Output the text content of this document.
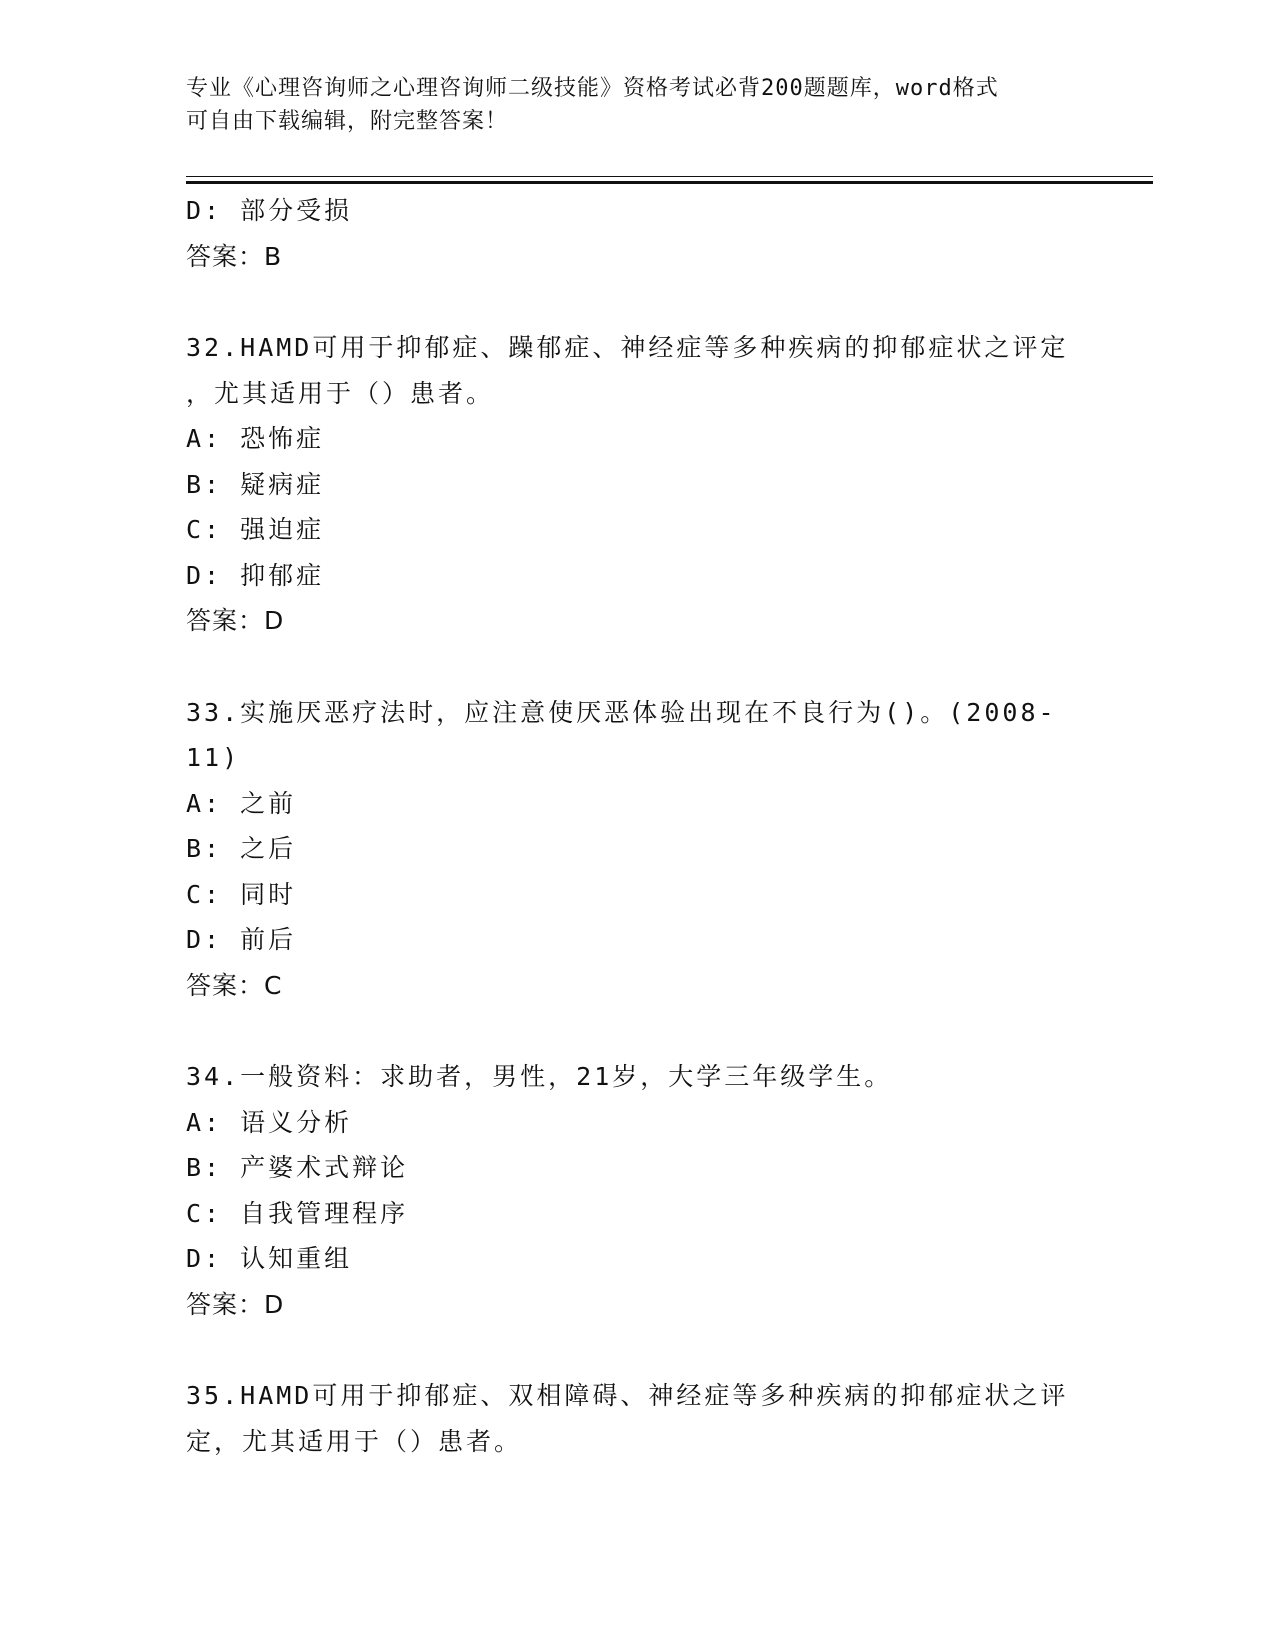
专业《心理咨询师之心理咨询师二级技能》资格考试必背200题题库，word格式
可自由下载编辑，附完整答案！
D: 部分受损
答案：B
32.HAMD可用于抑郁症、躁郁症、神经症等多种疾病的抑郁症状之评定
，尤其适用于（）患者。
A: 恐怖症
B: 疑病症
C: 强迫症
D: 抑郁症
答案：D
33.实施厌恶疗法时，应注意使厌恶体验出现在不良行为()。(2008-
11)
A: 之前
B: 之后
C: 同时
D: 前后
答案：C
34.一般资料：求助者，男性，21岁，大学三年级学生。
A: 语义分析
B: 产婆术式辩论
C: 自我管理程序
D: 认知重组
答案：D
35.HAMD可用于抑郁症、双相障碍、神经症等多种疾病的抑郁症状之评
定，尤其适用于（）患者。
